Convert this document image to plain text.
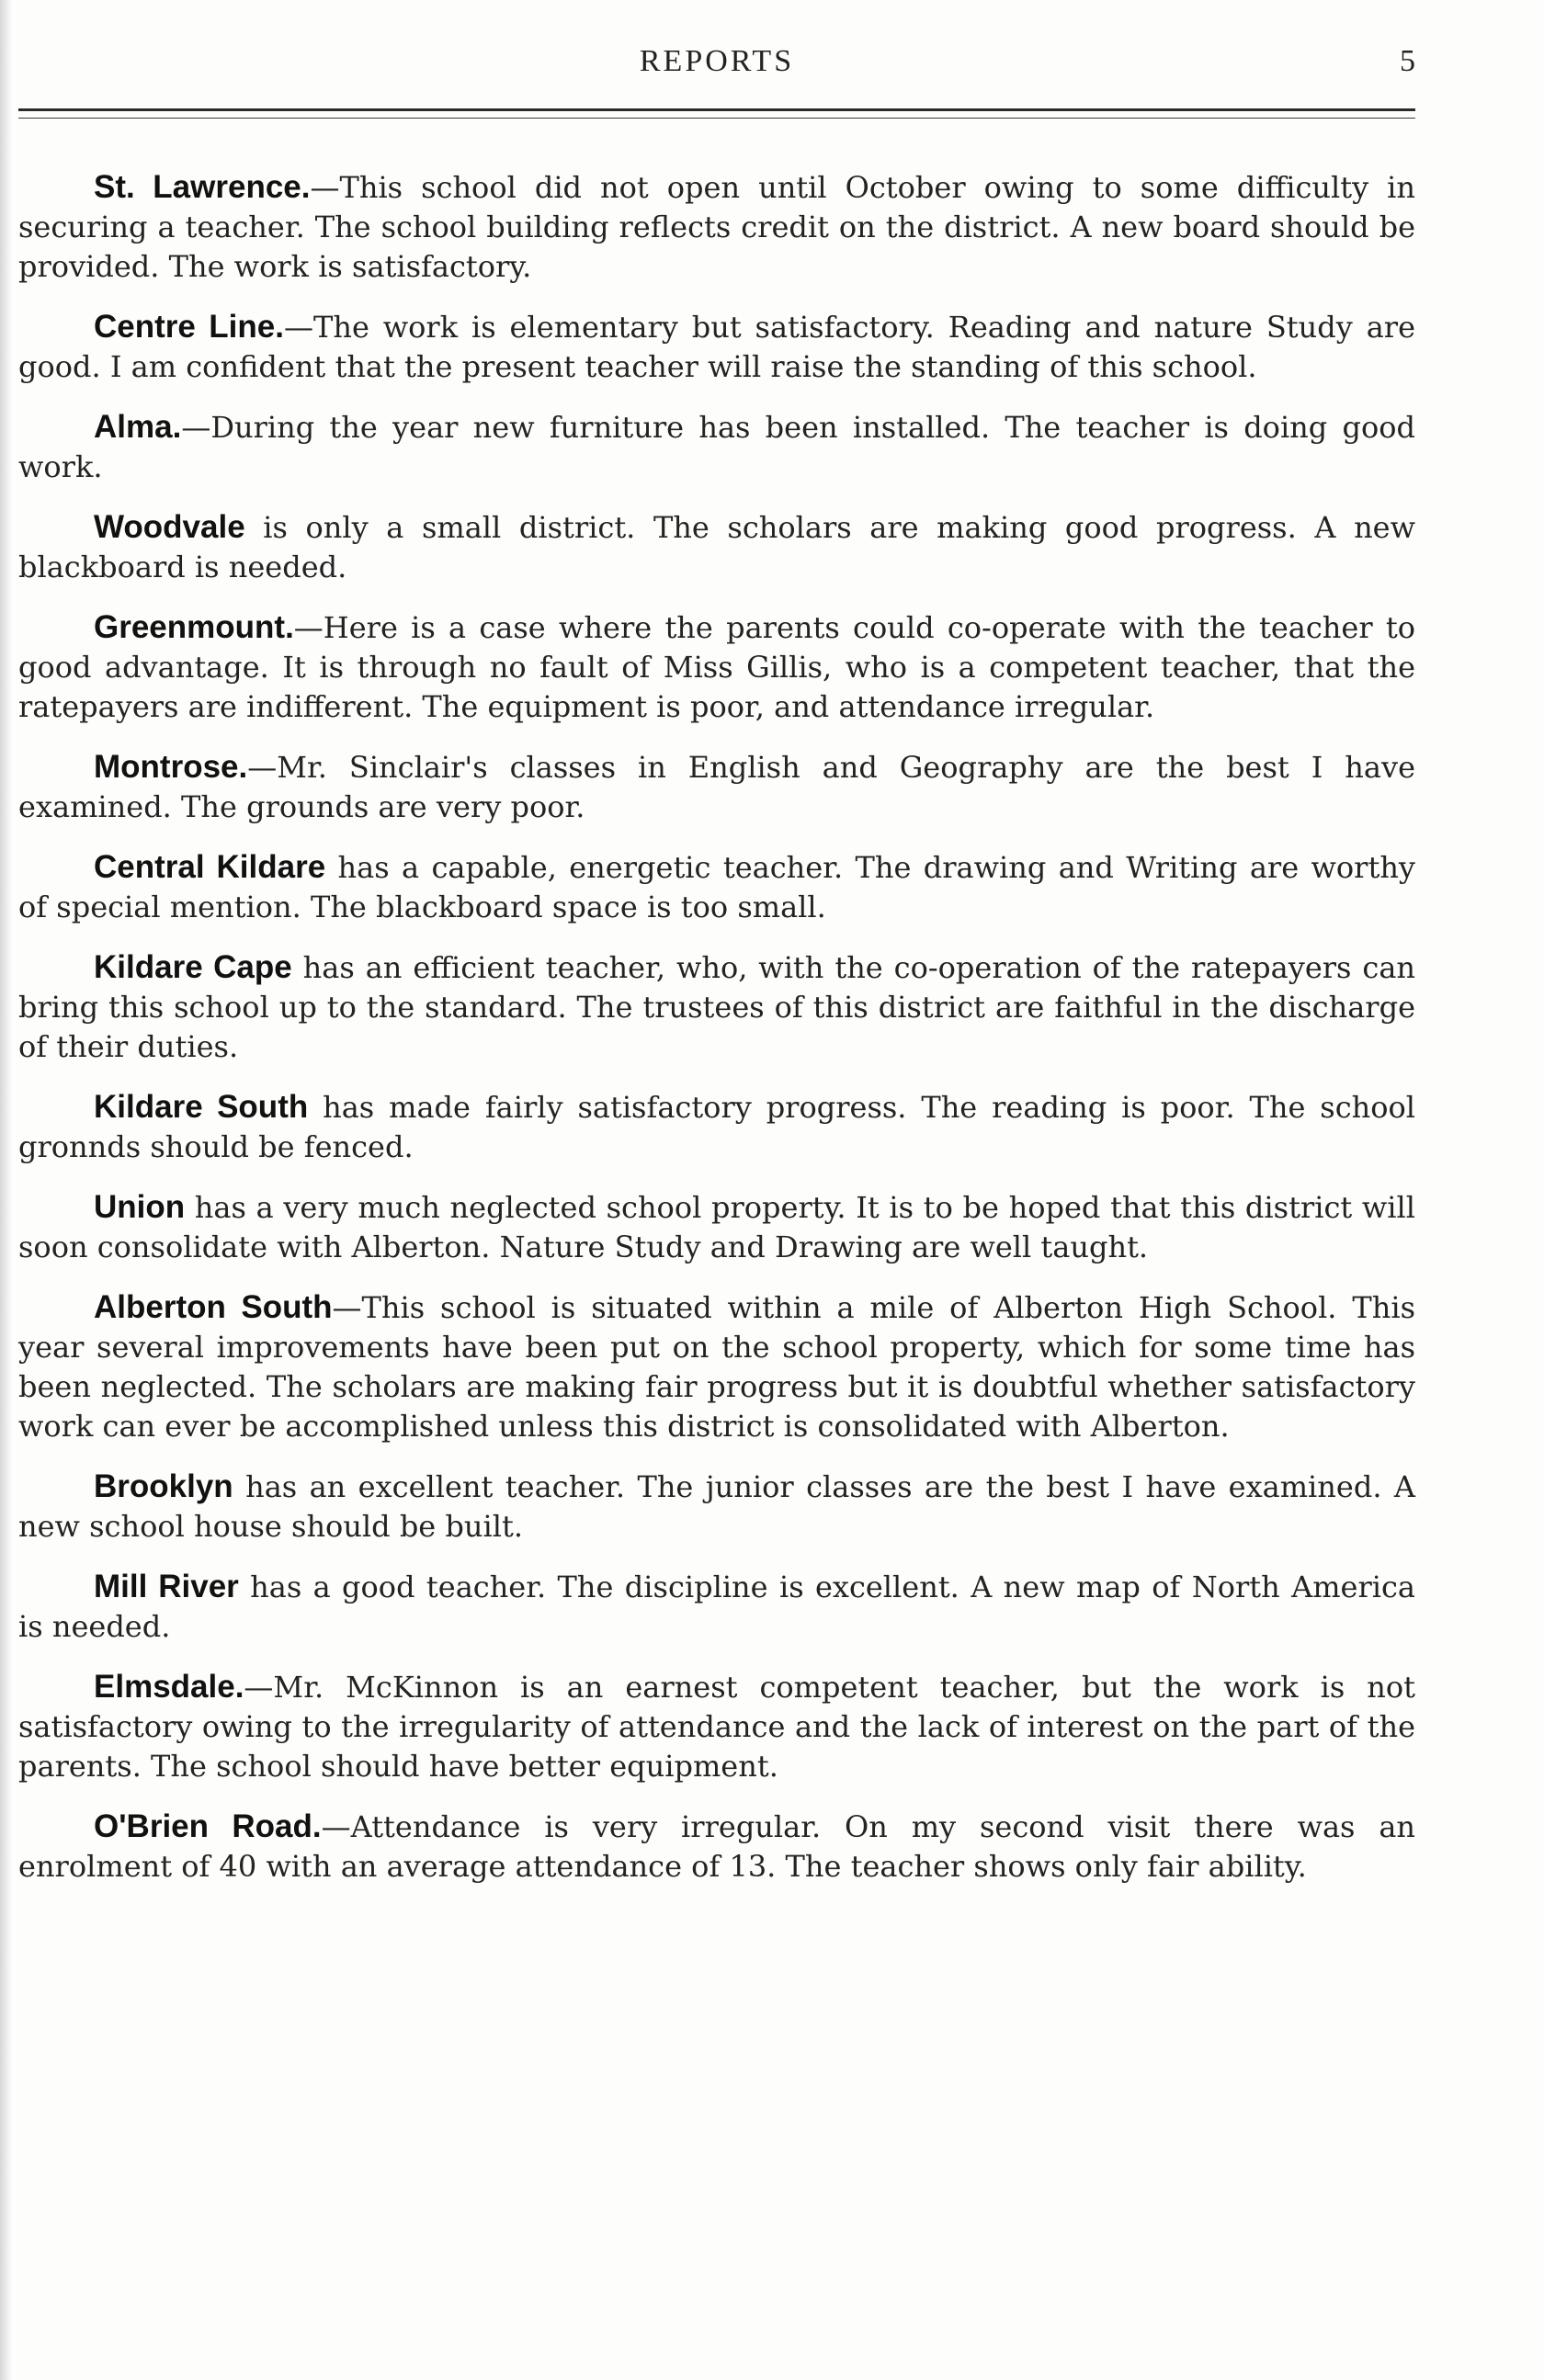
REPORTS	5

St. Lawrence.—This school did not open until October owing to some difficulty in securing a teacher. The school building reflects credit on the district. A new board should be provided. The work is satisfactory.

Centre Line.—The work is elementary but satisfactory. Reading and nature Study are good. I am confident that the present teacher will raise the standing of this school.

Alma.—During the year new furniture has been installed. The teacher is doing good work.

Woodvale is only a small district. The scholars are making good progress. A new blackboard is needed.

Greenmount.—Here is a case where the parents could co-operate with the teacher to good advantage. It is through no fault of Miss Gillis, who is a competent teacher, that the ratepayers are indifferent. The equipment is poor, and attendance irregular.

Montrose.—Mr. Sinclair's classes in English and Geography are the best I have examined. The grounds are very poor.

Central Kildare has a capable, energetic teacher. The drawing and Writing are worthy of special mention. The blackboard space is too small.

Kildare Cape has an efficient teacher, who, with the co-operation of the ratepayers can bring this school up to the standard. The trustees of this district are faithful in the discharge of their duties.

Kildare South has made fairly satisfactory progress. The reading is poor. The school gronnds should be fenced.

Union has a very much neglected school property. It is to be hoped that this district will soon consolidate with Alberton. Nature Study and Drawing are well taught.

Alberton South—This school is situated within a mile of Alberton High School. This year several improvements have been put on the school property, which for some time has been neglected. The scholars are making fair progress but it is doubtful whether satisfactory work can ever be accomplished unless this district is consolidated with Alberton.

Brooklyn has an excellent teacher. The junior classes are the best I have examined. A new school house should be built.

Mill River has a good teacher. The discipline is excellent. A new map of North America is needed.

Elmsdale.—Mr. McKinnon is an earnest competent teacher, but the work is not satisfactory owing to the irregularity of attendance and the lack of interest on the part of the parents. The school should have better equipment.

O'Brien Road.—Attendance is very irregular. On my second visit there was an enrolment of 40 with an average attendance of 13. The teacher shows only fair ability.
